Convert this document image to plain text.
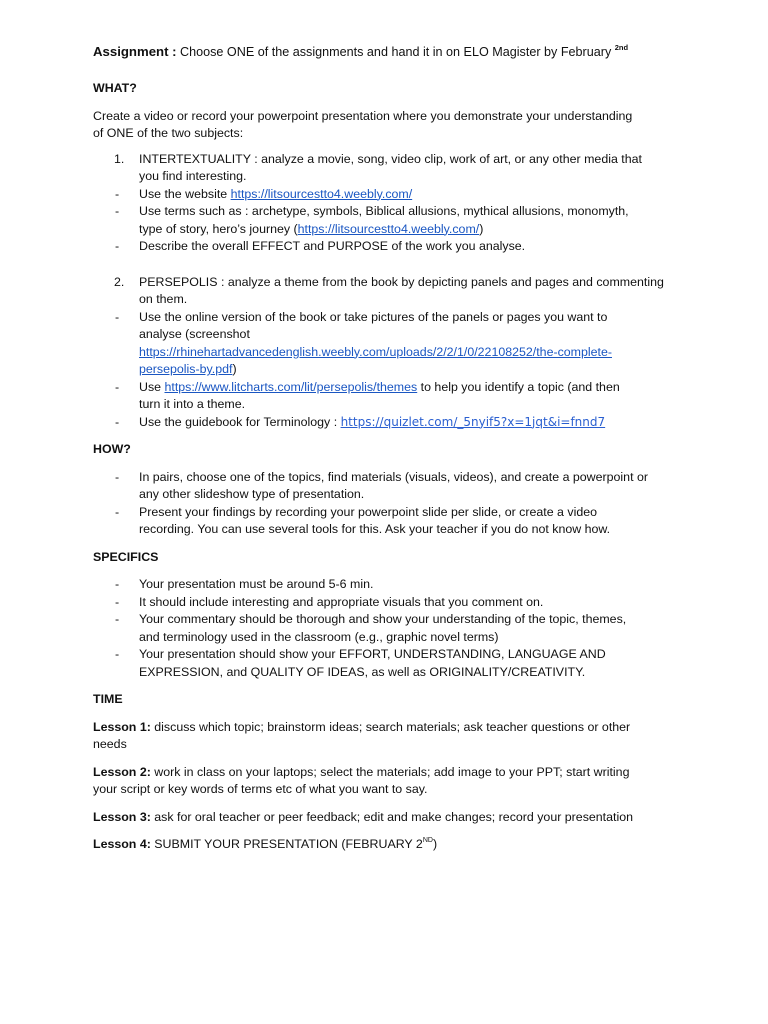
Assignment : Choose ONE of the assignments and hand it in on ELO Magister by February $^{2nd}$

WHAT?

Create a video or record your powerpoint presentation where you demonstrate your understanding
of ONE of the two subjects:

1. INTERTEXTUALITY : analyze a movie, song, video clip, work of art, or any other media that
you find interesting.
- Use the website https://litsourcestto4.weebly.com/
- Use terms such as : archetype, symbols, Biblical allusions, mythical allusions, monomyth,
type of story, hero’s journey (https://litsourcestto4.weebly.com/)
- Describe the overall EFFECT and PURPOSE of the work you analyse.
2. PERSEPOLIS : analyze a theme from the book by depicting panels and pages and commenting
on them.
- Use the online version of the book or take pictures of the panels or pages you want to
analyse (screenshot
https://rhinehartadvancedenglish.weebly.com/uploads/2/2/1/0/22108252/the-complete-
persepolis-by.pdf)
- Use https://www.litcharts.com/lit/persepolis/themes to help you identify a topic (and then
turn it into a theme.
- Use the guidebook for Terminology : https://quizlet.com/_5nyif5?x=1jqt&i=fnnd7

HOW?

- In pairs, choose one of the topics, find materials (visuals, videos), and create a powerpoint or
any other slideshow type of presentation.
- Present your findings by recording your powerpoint slide per slide, or create a video
recording. You can use several tools for this. Ask your teacher if you do not know how.

SPECIFICS

- Your presentation must be around 5-6 min.
- It should include interesting and appropriate visuals that you comment on.
- Your commentary should be thorough and show your understanding of the topic, themes,
and terminology used in the classroom (e.g., graphic novel terms)
- Your presentation should show your EFFORT, UNDERSTANDING, LANGUAGE AND
EXPRESSION, and QUALITY OF IDEAS, as well as ORIGINALITY/CREATIVITY.

TIME

Lesson 1: discuss which topic; brainstorm ideas; search materials; ask teacher questions or other
needs

Lesson 2: work in class on your laptops; select the materials; add image to your PPT; start writing
your script or key words of terms etc of what you want to say.

Lesson 3: ask for oral teacher or peer feedback; edit and make changes; record your presentation

Lesson 4: SUBMIT YOUR PRESENTATION (FEBRUARY 2ND)
